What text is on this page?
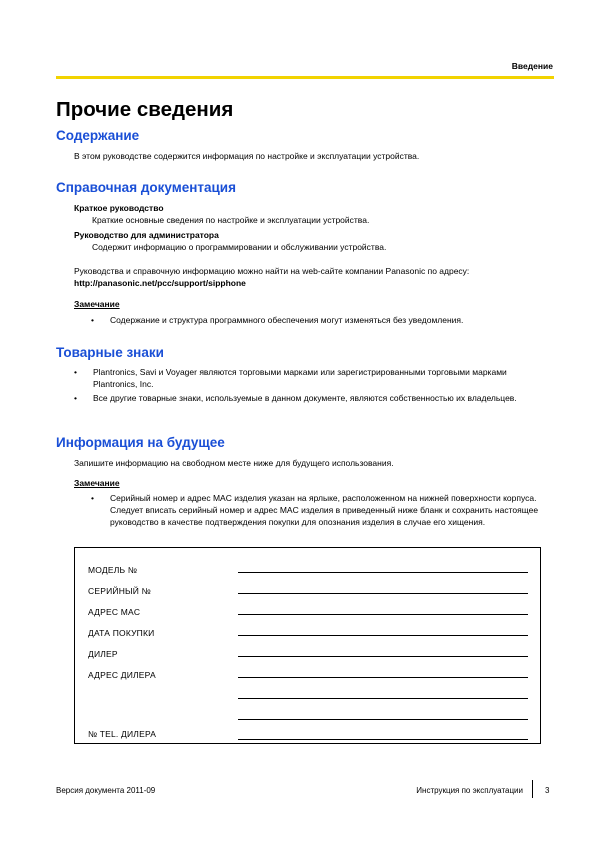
Введение
Прочие сведения
Содержание
В этом руководстве содержится информация по настройке и эксплуатации устройства.
Справочная документация
Краткое руководство
Краткие основные сведения по настройке и эксплуатации устройства.
Руководство для администратора
Содержит информацию о программировании и обслуживании устройства.
Руководства и справочную информацию можно найти на web-сайте компании Panasonic по адресу:
http://panasonic.net/pcc/support/sipphone
Замечание
•	Содержание и структура программного обеспечения могут изменяться без уведомления.
Товарные знаки
•	Plantronics, Savi и Voyager являются торговыми марками или зарегистрированными торговыми марками Plantronics, Inc.
•	Все другие товарные знаки, используемые в данном документе, являются собственностью их владельцев.
Информация на будущее
Запишите информацию на свободном месте ниже для будущего использования.
Замечание
•	Серийный номер и адрес MAC изделия указан на ярлыке, расположенном на нижней поверхности корпуса. Следует вписать серийный номер и адрес MAC изделия в приведенный ниже бланк и сохранить настоящее руководство в качестве подтверждения покупки для опознания изделия в случае его хищения.
МОДЕЛЬ №
СЕРИЙНЫЙ №
АДРЕС MAC
ДАТА ПОКУПКИ
ДИЛЕР
АДРЕС ДИЛЕРА
№ TEL. ДИЛЕРА
Версия документа 2011-09	Инструкция по эксплуатации	3
